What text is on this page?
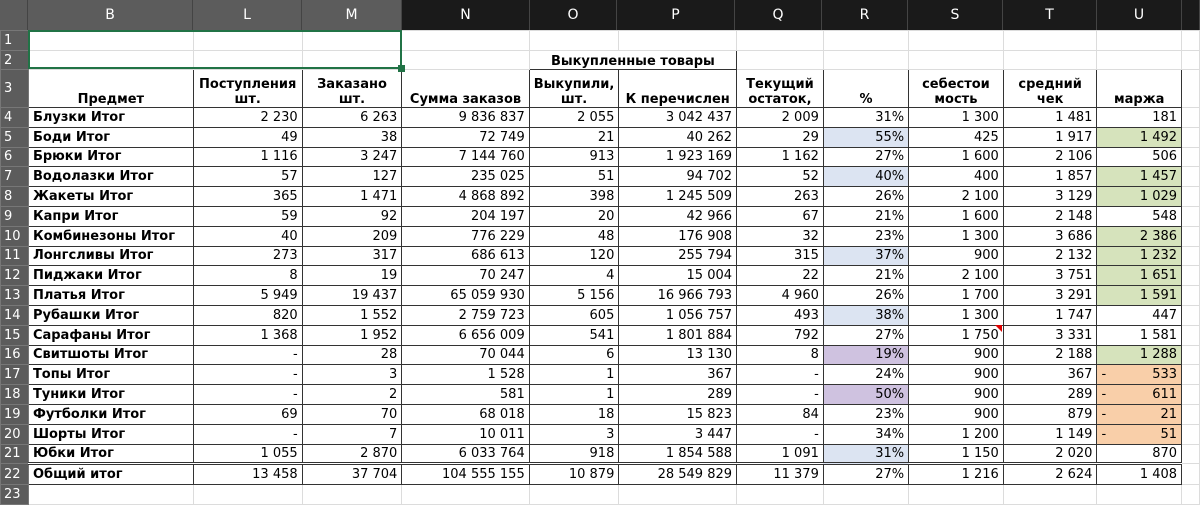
B	L	M	N	O	P	Q	R	S	T	U
1												
2					Выкупленные товары							
3	Предмет	Поступления шт.	Заказано шт.	Сумма заказов	Выкупили, шт.	К перечислен	Текущий остаток,	%	себестои мость	средний чек	маржа	
4	Блузки Итог	2 230	6 263	9 836 837	2 055	3 042 437	2 009	31%	1 300	1 481	181	
5	Боди Итог	49	38	72 749	21	40 262	29	55%	425	1 917	1 492	
6	Брюки Итог	1 116	3 247	7 144 760	913	1 923 169	1 162	27%	1 600	2 106	506	
7	Водолазки Итог	57	127	235 025	51	94 702	52	40%	400	1 857	1 457	
8	Жакеты Итог	365	1 471	4 868 892	398	1 245 509	263	26%	2 100	3 129	1 029	
9	Капри Итог	59	92	204 197	20	42 966	67	21%	1 600	2 148	548	
10	Комбинезоны Итог	40	209	776 229	48	176 908	32	23%	1 300	3 686	2 386	
11	Лонгсливы Итог	273	317	686 613	120	255 794	315	37%	900	2 132	1 232	
12	Пиджаки Итог	8	19	70 247	4	15 004	22	21%	2 100	3 751	1 651	
13	Платья Итог	5 949	19 437	65 059 930	5 156	16 966 793	4 960	26%	1 700	3 291	1 591	
14	Рубашки Итог	820	1 552	2 759 723	605	1 056 757	493	38%	1 300	1 747	447	
15	Сарафаны Итог	1 368	1 952	6 656 009	541	1 801 884	792	27%	1 750	3 331	1 581	
16	Свитшоты Итог	-	28	70 044	6	13 130	8	19%	900	2 188	1 288	
17	Топы Итог	-	3	1 528	1	367	-	24%	900	367	- 533	

18	Туники Итог	-	2	581	1	289	-	50%	900	289	- 611	

19	Футболки Итог	69	70	68 018	18	15 823	84	23%	900	879	- 21	

20	Шорты Итог	-	7	10 011	3	3 447	-	34%	1 200	1 149	- 51	

21	Юбки Итог	1 055	2 870	6 033 764	918	1 854 588	1 091	31%	1 150	2 020	870	
22	Общий итог	13 458	37 704	104 555 155	10 879	28 549 829	11 379	27%	1 216	2 624	1 408	
23												
